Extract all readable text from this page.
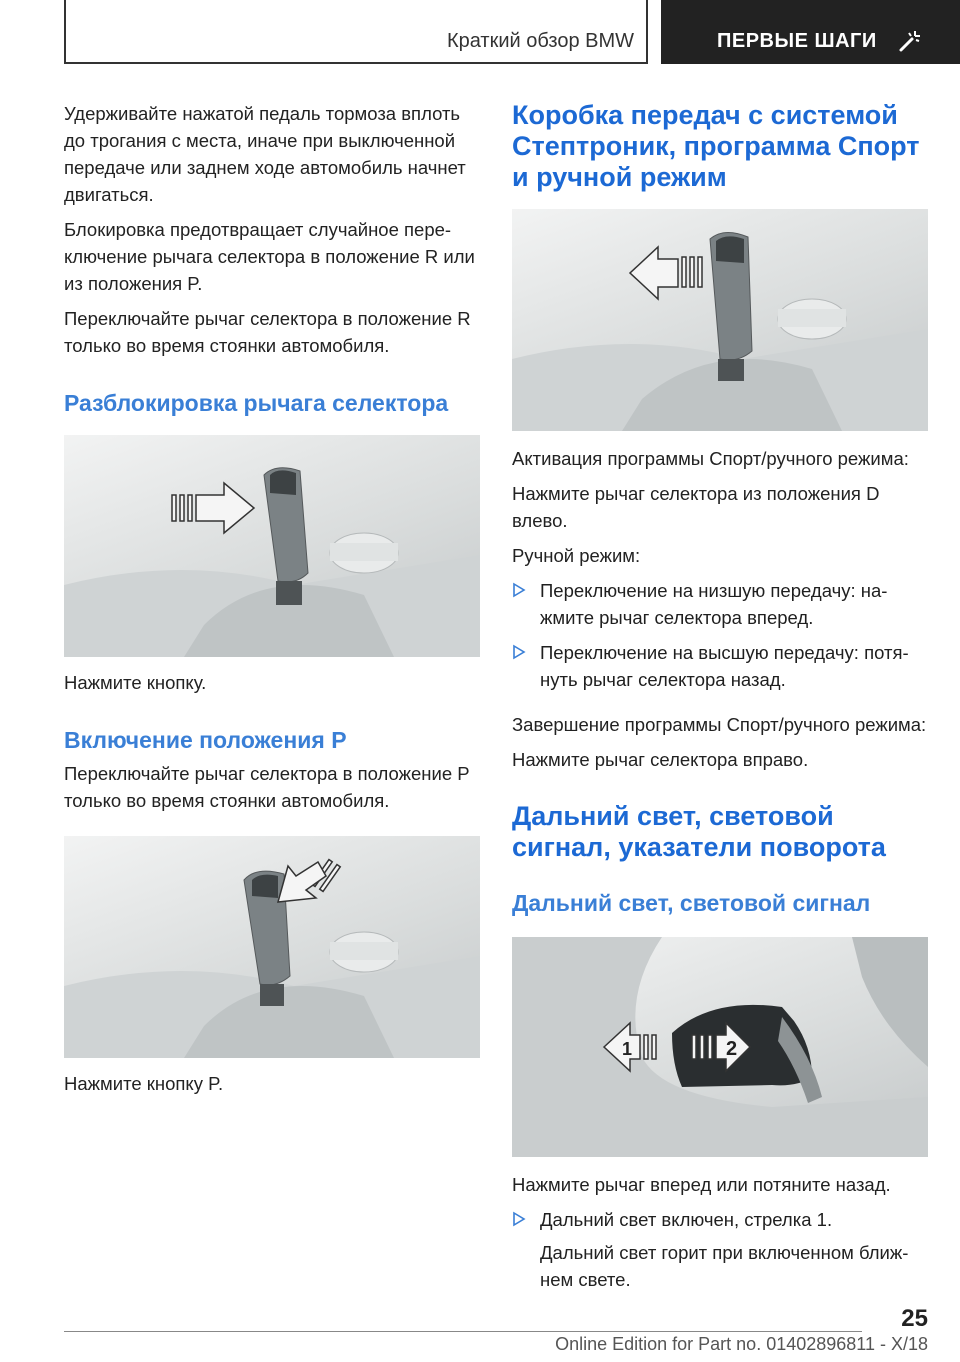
Краткий обзор BMW	ПЕРВЫЕ ШАГИ

Удерживайте нажатой педаль тормоза вплоть до трогания с места, иначе при выключенной передаче или заднем ходе автомобиль начнет двигаться.

Блокировка предотвращает случайное переключение рычага селектора в положение R или из положения P.

Переключайте рычаг селектора в положение R только во время стоянки автомобиля.

Разблокировка рычага селектора

Нажмите кнопку.

Включение положения P

Переключайте рычаг селектора в положение P только во время стоянки автомобиля.

Нажмите кнопку P.

Коробка передач с системой Стептроник, программа Спорт и ручной режим

Активация программы Спорт/ручного режима:

Нажмите рычаг селектора из положения D влево.

Ручной режим:

Переключение на низшую передачу: нажмите рычаг селектора вперед.
Переключение на высшую передачу: потянуть рычаг селектора назад.

Завершение программы Спорт/ручного режима:

Нажмите рычаг селектора вправо.

Дальний свет, световой сигнал, указатели поворота
Дальний свет, световой сигнал
1	2

Нажмите рычаг вперед или потяните назад.

Дальний свет включен, стрелка 1.

Дальний свет горит при включенном ближнем свете.

25
Online Edition for Part no. 01402896811 - X/18
